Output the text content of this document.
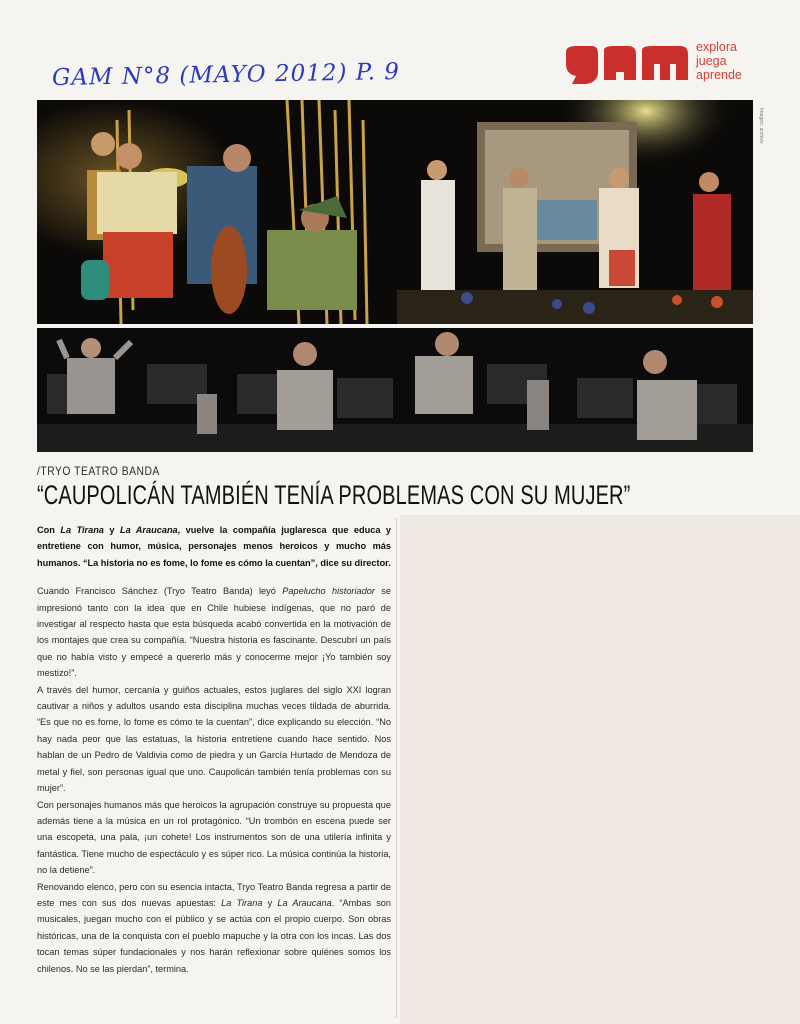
GAM N°8 (MAYO 2012) P. 9
explora
juega
aprende
Imagen: archivo
/TRYO TEATRO BANDA
“CAUPOLICÁN TAMBIÉN TENÍA PROBLEMAS CON SU MUJER”

Con La Tirana y La Araucana, vuelve la compañía juglaresca que educa y entretiene con humor, música, personajes menos heroicos y mucho más humanos. “La historia no es fome, lo fome es cómo la cuentan”, dice su director.

Cuando Francisco Sánchez (Tryo Teatro Banda) leyó Papelucho historiador se impresionó tanto con la idea que en Chile hubiese indígenas, que no paró de investigar al respecto hasta que esta búsqueda acabó convertida en la motivación de los montajes que crea su compañía. “Nuestra historia es fascinante. Descubrí un país que no había visto y empecé a quererlo más y conocerme mejor ¡Yo también soy mestizo!”.

A través del humor, cercanía y guiños actuales, estos juglares del siglo XXI logran cautivar a niños y adultos usando esta disciplina muchas veces tildada de aburrida. “Es que no es fome, lo fome es cómo te la cuentan”, dice explicando su elección. “No hay nada peor que las estatuas, la historia entretiene cuando hace sentido. Nos hablan de un Pedro de Valdivia como de piedra y un García Hurtado de Mendoza de metal y fiel, son personas igual que uno. Caupolicán también tenía problemas con su mujer”.

Con personajes humanos más que heroicos la agrupación construye su propuesta que además tiene a la música en un rol protagónico. “Un trombón en escena puede ser una escopeta, una pala, ¡un cohete! Los instrumentos son de una utilería infinita y fantástica. Tiene mucho de espectáculo y es súper rico. La música continúa la historia, no la detiene”.

Renovando elenco, pero con su esencia intacta, Tryo Teatro Banda regresa a partir de este mes con sus dos nuevas apuestas: La Tirana y La Araucana. “Ambas son musicales, juegan mucho con el público y se actúa con el propio cuerpo. Son obras históricas, una de la conquista con el pueblo mapuche y la otra con los incas. Las dos tocan temas súper fundacionales y nos harán reflexionar sobre quiénes somos los chilenos. No se las pierdan”, termina.
